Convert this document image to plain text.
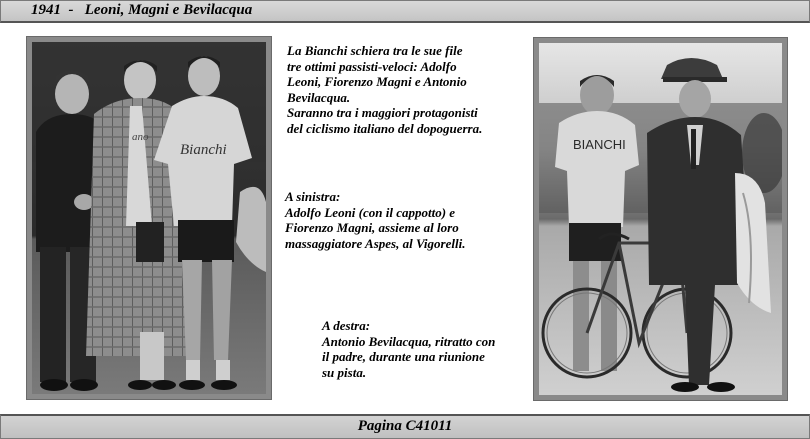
1941  -   Leoni, Magni e Bevilacqua
ano
Bianchi

La Bianchi schiera tra le sue file

tre ottimi passisti-veloci: Adolfo

Leoni, Fiorenzo Magni e Antonio

Bevilacqua.

Saranno tra i maggiori protagonisti

del ciclismo italiano del dopoguerra.

A sinistra:

Adolfo Leoni (con il cappotto) e

Fiorenzo Magni, assieme al loro

massaggiatore Aspes, al Vigorelli.

A destra:

Antonio Bevilacqua, ritratto con

il padre, durante una riunione

su pista.

BIANCHI
Pagina C41011
